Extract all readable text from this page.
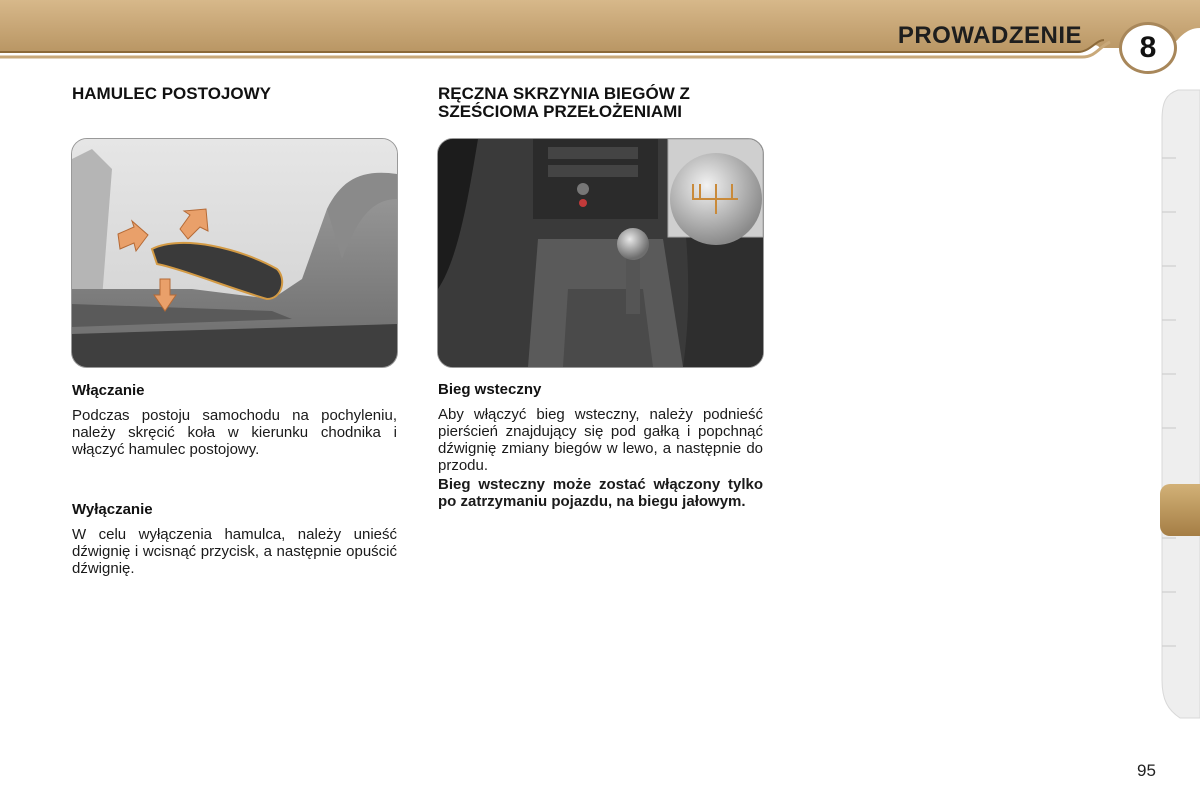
PROWADZENIE	8
HAMULEC POSTOJOWY
Włączanie

Podczas postoju samochodu na pochyleniu, należy skręcić koła w kierunku chodnika i włączyć hamulec postojowy.

Wyłączanie

W celu wyłączenia hamulca, należy unieść dźwignię i wcisnąć przycisk, a następnie opuścić dźwignię.

RĘCZNA SKRZYNIA BIEGÓW Z
SZEŚCIOMA PRZEŁOŻENIAMI
Bieg wsteczny

Aby włączyć bieg wsteczny, należy podnieść pierścień znajdujący się pod gałką i popchnąć dźwignię zmiany biegów w lewo, a następnie do przodu.

Bieg wsteczny może zostać włączony tylko po zatrzymaniu pojazdu, na biegu jałowym.

95
